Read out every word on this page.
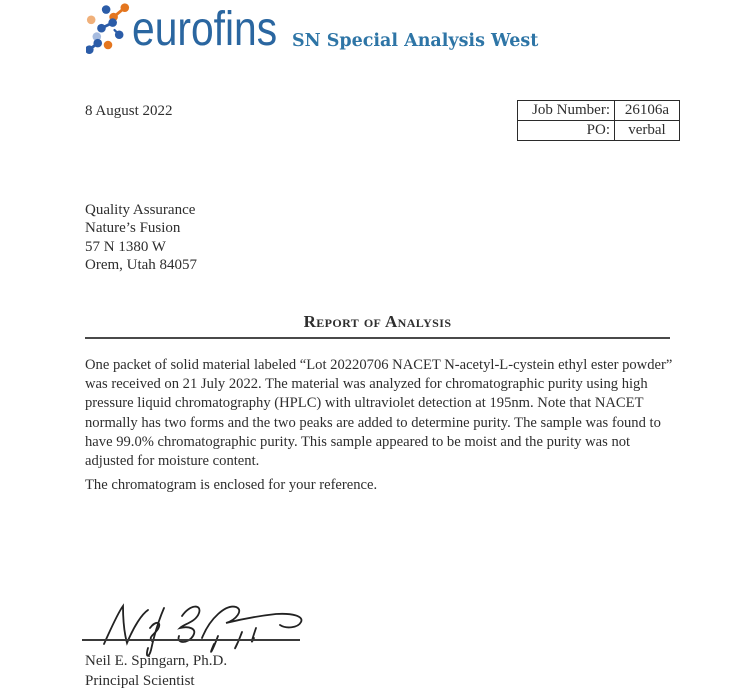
eurofins SN Special Analysis West
8 August 2022	Job Number:	26106a
PO:	verbal
Quality Assurance
Nature’s Fusion
57 N 1380 W
Orem, Utah 84057
Report of Analysis
One packet of solid material labeled “Lot 20220706 NACET N-acetyl-L-cystein ethyl ester powder”
was received on 21 July 2022. The material was analyzed for chromatographic purity using high
pressure liquid chromatography (HPLC) with ultraviolet detection at 195nm. Note that NACET
normally has two forms and the two peaks are added to determine purity. The sample was found to
have 99.0% chromatographic purity. This sample appeared to be moist and the purity was not
adjusted for moisture content.
The chromatogram is enclosed for your reference.
Neil E. Spingarn, Ph.D.
Principal Scientist
